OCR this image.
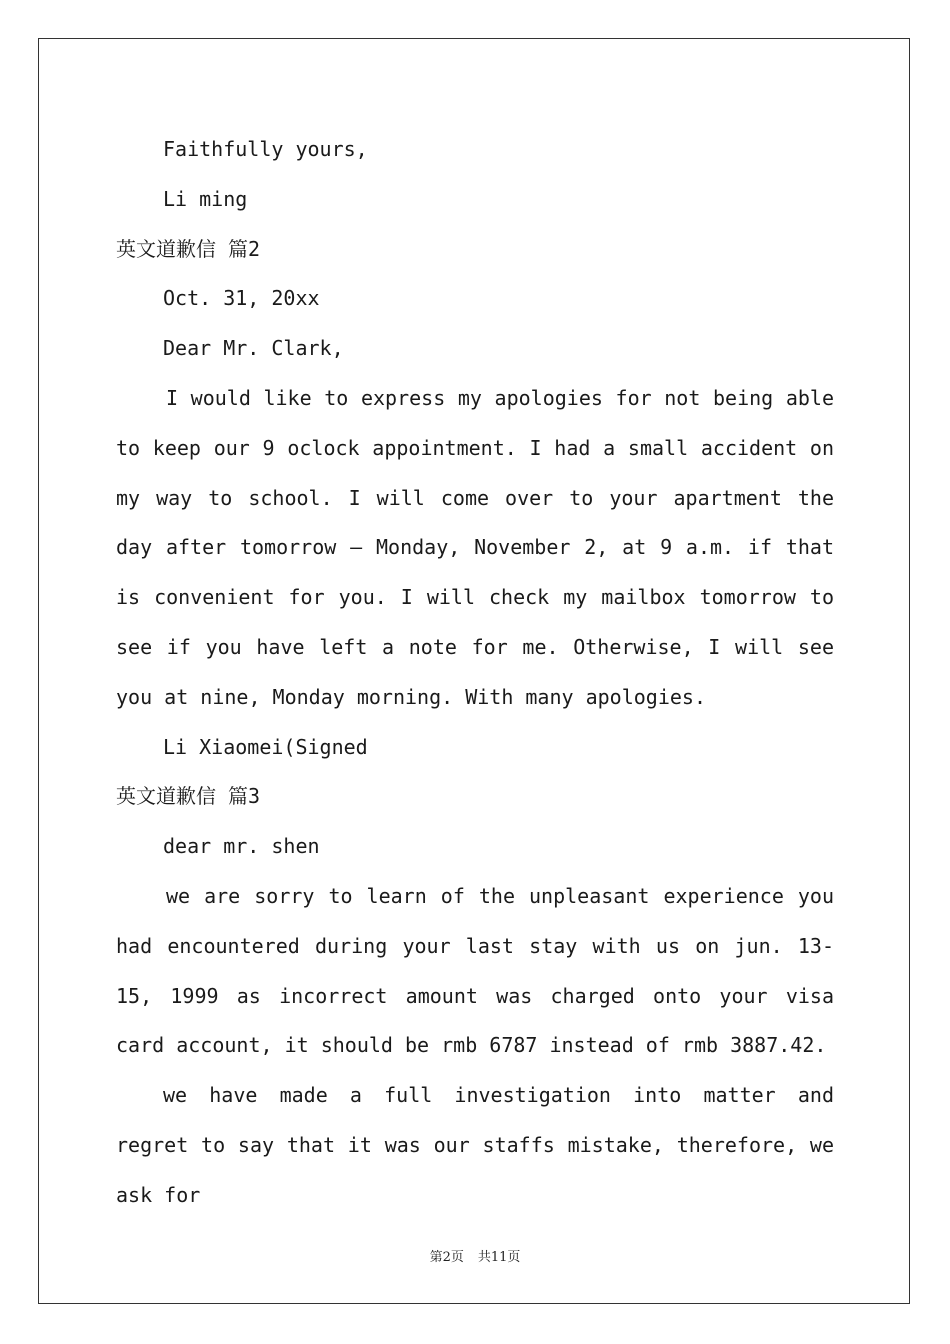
Faithfully yours,
Li ming
英文道歉信 篇2
Oct. 31, 20xx
Dear Mr. Clark,

I would like to express my apologies for not being able to keep our 9 oclock appointment. I had a small accident on my way to school. I will come over to your apartment the day after tomorrow — Monday, November 2, at 9 a.m. if that is convenient for you. I will check my mailbox tomorrow to see if you have left a note for me. Otherwise, I will see you at nine, Monday morning. With many apologies.

Li Xiaomei(Signed
英文道歉信 篇3
dear mr. shen

we are sorry to learn of the unpleasant experience you had encountered during your last stay with us on jun. 13-15, 1999 as incorrect amount was charged onto your visa card account, it should be rmb 6787 instead of rmb 3887.42.

we have made a full investigation into matter and regret to say that it was our staffs mistake, therefore, we ask for

第2页 共11页
